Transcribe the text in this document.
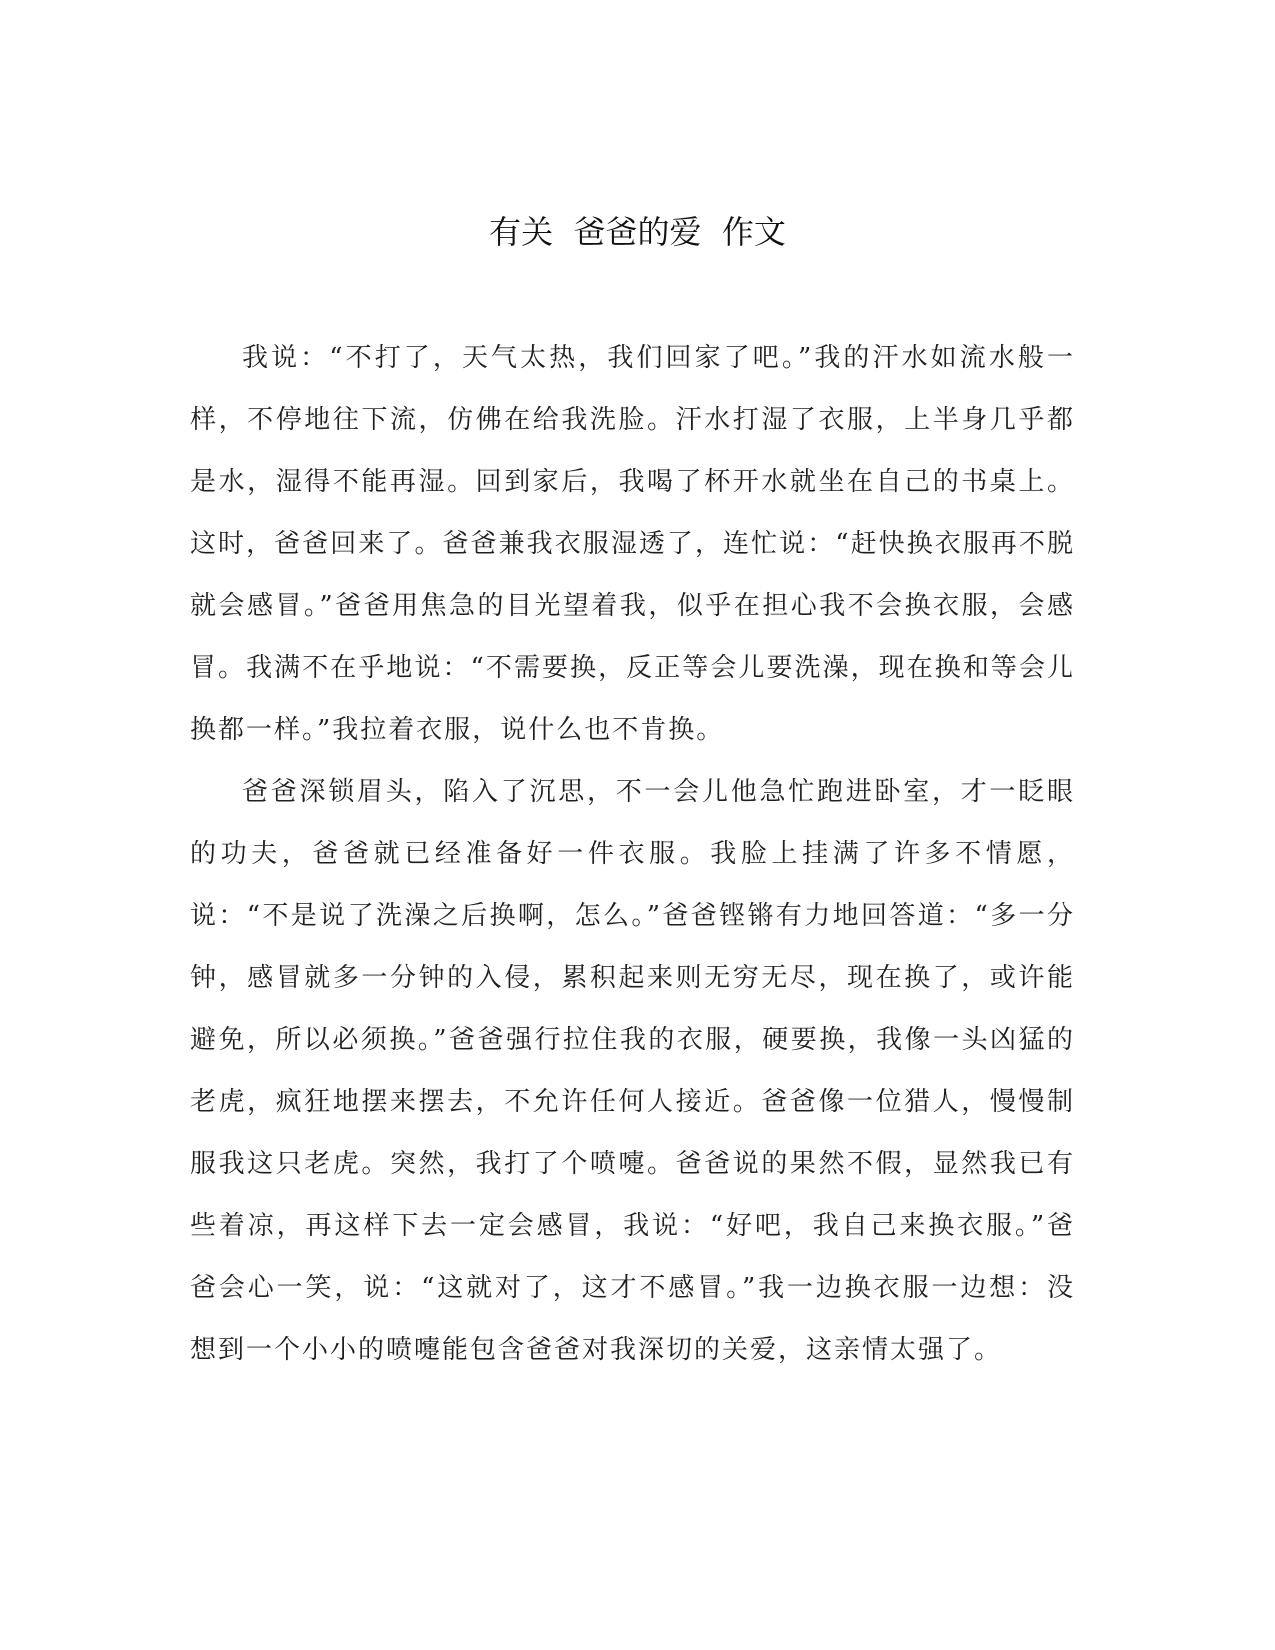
有关  爸爸的爱  作文

我说：“不打了，天气太热，我们回家了吧。”我的汗水如流水般一样，不停地往下流，仿佛在给我洗脸。汗水打湿了衣服，上半身几乎都是水，湿得不能再湿。回到家后，我喝了杯开水就坐在自己的书桌上。这时，爸爸回来了。爸爸兼我衣服湿透了，连忙说：“赶快换衣服再不脱就会感冒。”爸爸用焦急的目光望着我，似乎在担心我不会换衣服，会感冒。我满不在乎地说：“不需要换，反正等会儿要洗澡，现在换和等会儿换都一样。”我拉着衣服，说什么也不肯换。

爸爸深锁眉头，陷入了沉思，不一会儿他急忙跑进卧室，才一眨眼的功夫，爸爸就已经准备好一件衣服。我脸上挂满了许多不情愿，说：“不是说了洗澡之后换啊，怎么。”爸爸铿锵有力地回答道：“多一分钟，感冒就多一分钟的入侵，累积起来则无穷无尽，现在换了，或许能避免，所以必须换。”爸爸强行拉住我的衣服，硬要换，我像一头凶猛的老虎，疯狂地摆来摆去，不允许任何人接近。爸爸像一位猎人，慢慢制服我这只老虎。突然，我打了个喷嚏。爸爸说的果然不假，显然我已有些着凉，再这样下去一定会感冒，我说：“好吧，我自己来换衣服。”爸爸会心一笑，说：“这就对了，这才不感冒。”我一边换衣服一边想：没想到一个小小的喷嚏能包含爸爸对我深切的关爱，这亲情太强了。
